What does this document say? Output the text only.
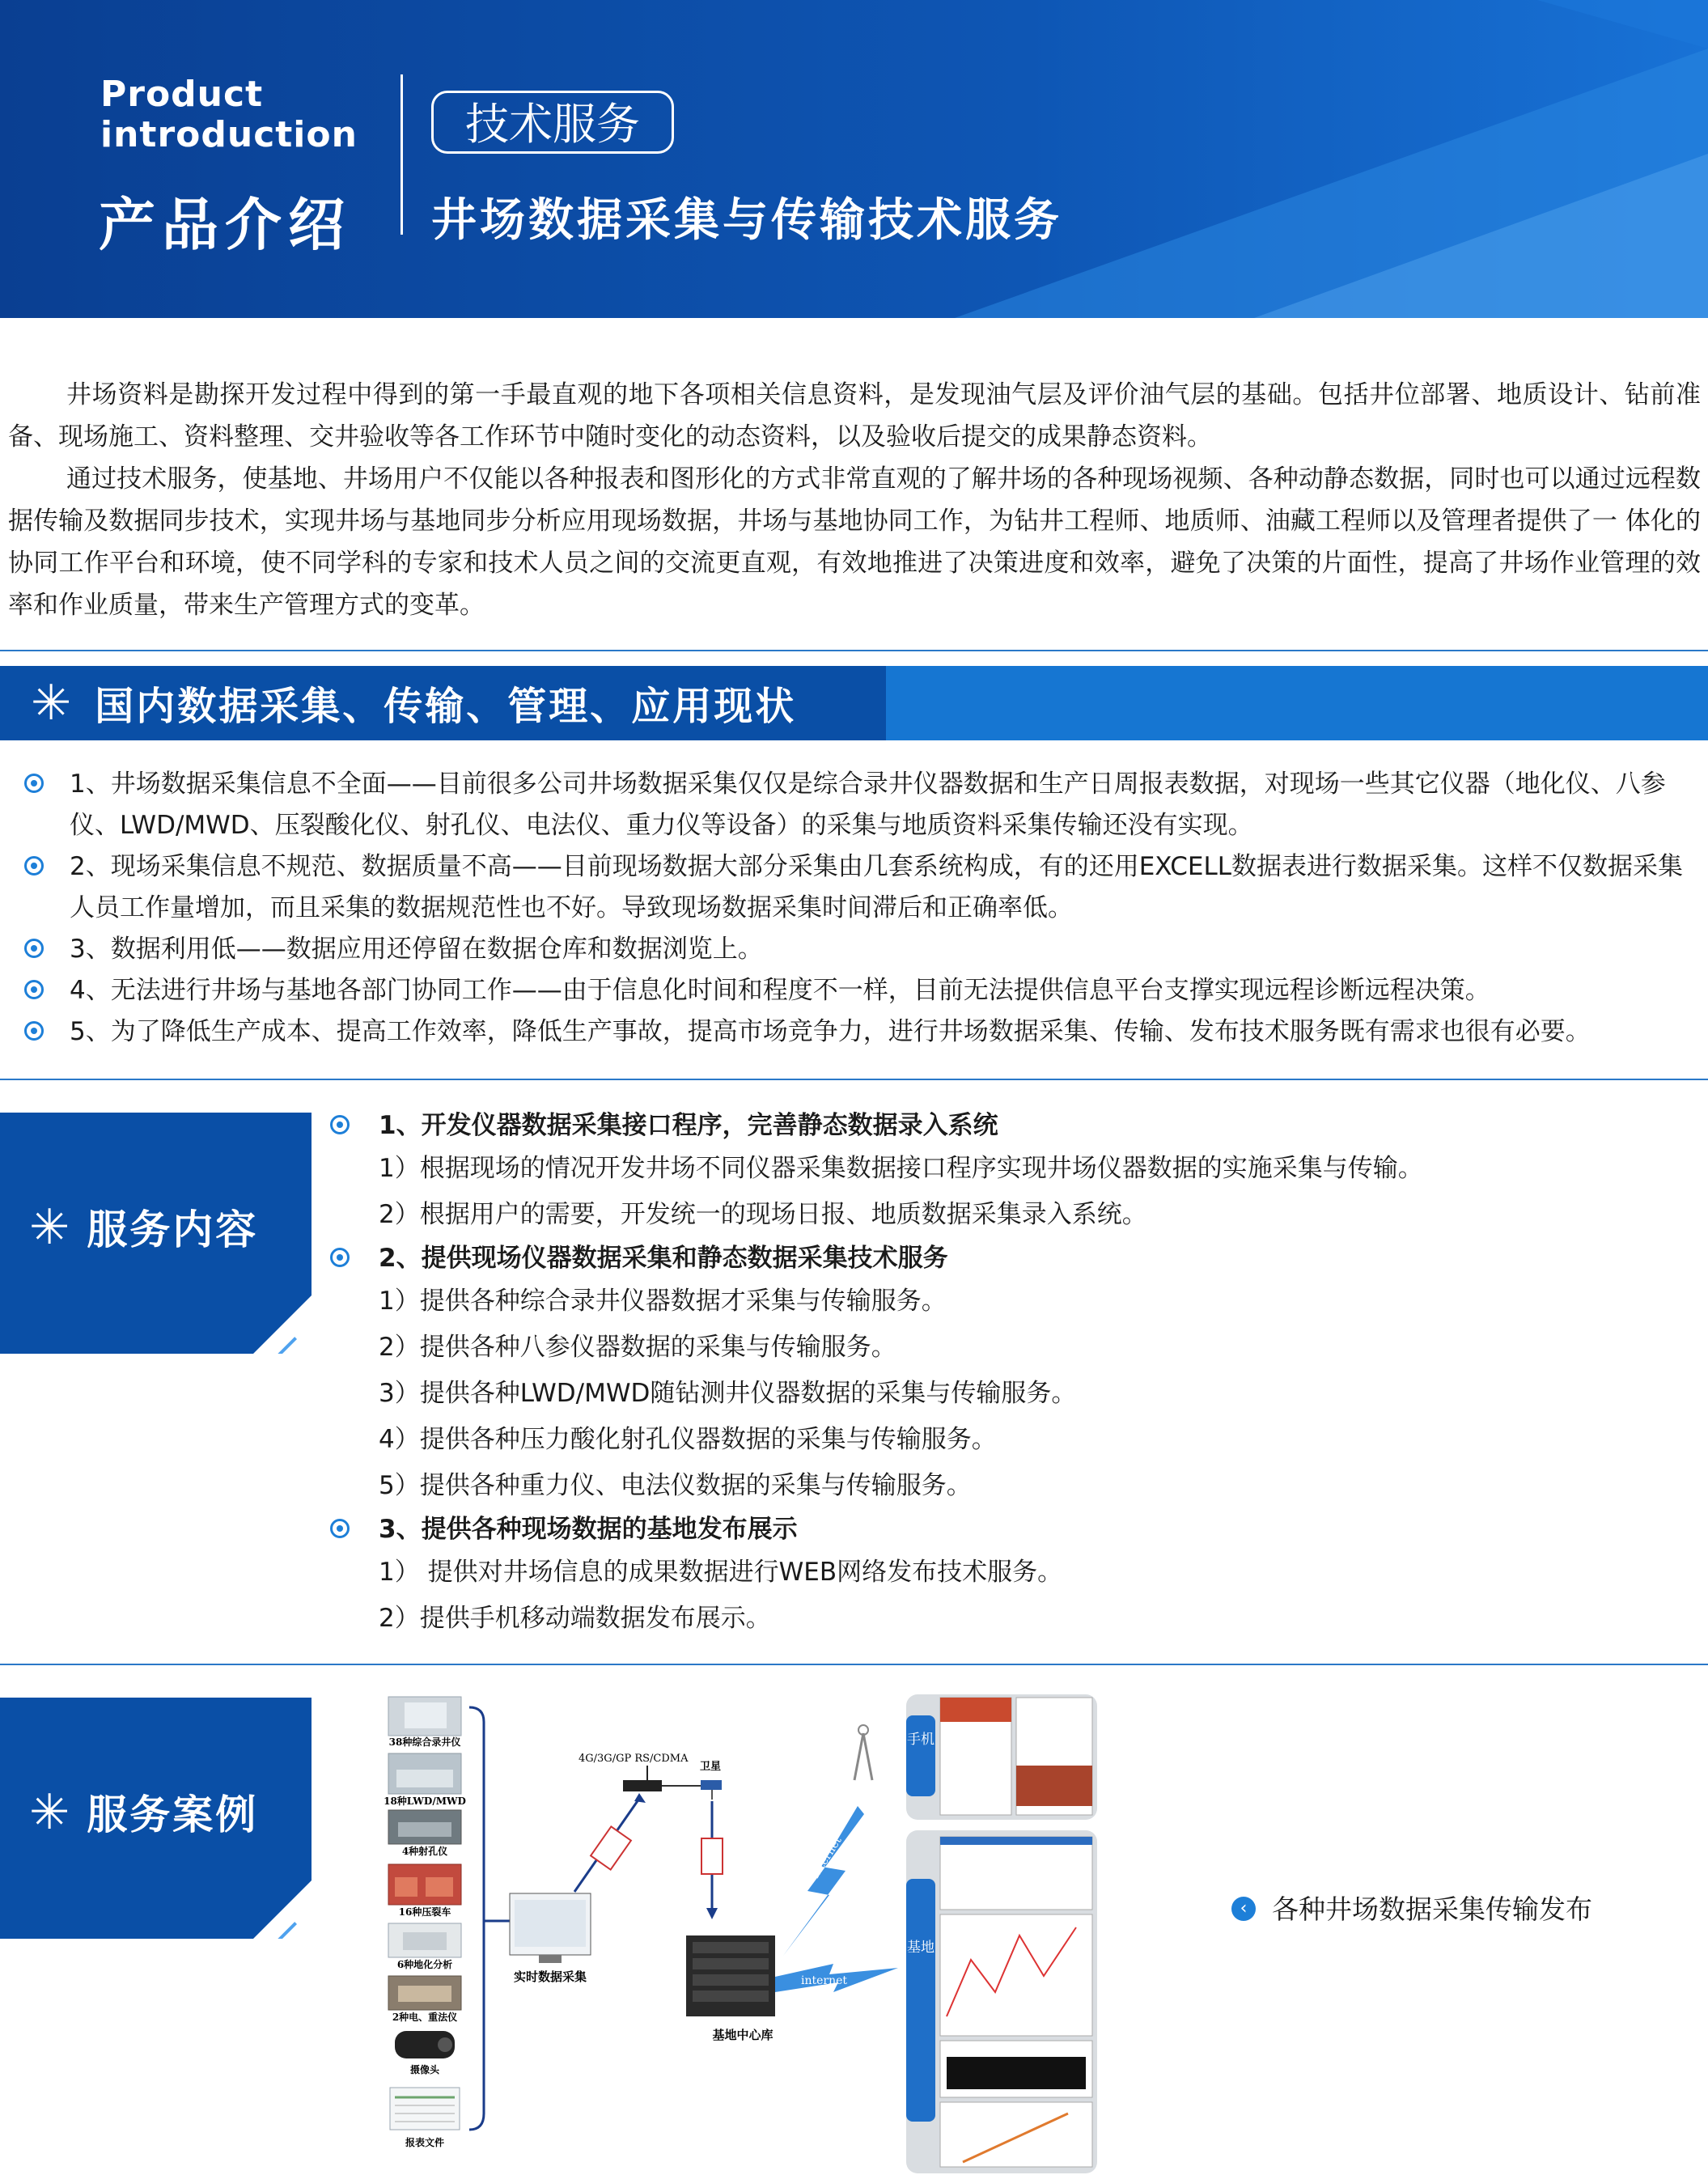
Product
introduction
产品介绍
技术服务
井场数据采集与传输技术服务

井场资料是勘探开发过程中得到的第一手最直观的地下各项相关信息资料，是发现油气层及评价油气层的基础。包括井位部署、地质设计、钻前准备、现场施工、资料整理、交井验收等各工作环节中随时变化的动态资料，以及验收后提交的成果静态资料。

通过技术服务，使基地、井场用户不仅能以各种报表和图形化的方式非常直观的了解井场的各种现场视频、各种动静态数据，同时也可以通过远程数据传输及数据同步技术，实现井场与基地同步分析应用现场数据，井场与基地协同工作，为钻井工程师、地质师、油藏工程师以及管理者提供了一 体化的协同工作平台和环境，使不同学科的专家和技术人员之间的交流更直观，有效地推进了决策进度和效率，避免了决策的片面性，提高了井场作业管理的效率和作业质量，带来生产管理方式的变革。

✳ 国内数据采集、传输、管理、应用现状
1、井场数据采集信息不全面——目前很多公司井场数据采集仅仅是综合录井仪器数据和生产日周报表数据，对现场一些其它仪器（地化仪、八参仪、LWD/MWD、压裂酸化仪、射孔仪、电法仪、重力仪等设备）的采集与地质资料采集传输还没有实现。
2、现场采集信息不规范、数据质量不高——目前现场数据大部分采集由几套系统构成，有的还用EXCELL数据表进行数据采集。这样不仅数据采集人员工作量增加，而且采集的数据规范性也不好。导致现场数据采集时间滞后和正确率低。
3、数据利用低——数据应用还停留在数据仓库和数据浏览上。
4、无法进行井场与基地各部门协同工作——由于信息化时间和程度不一样，目前无法提供信息平台支撑实现远程诊断远程决策。
5、为了降低生产成本、提高工作效率，降低生产事故，提高市场竞争力，进行井场数据采集、传输、发布技术服务既有需求也很有必要。
✳ 服务内容
1、开发仪器数据采集接口程序，完善静态数据录入系统
1）根据现场的情况开发井场不同仪器采集数据接口程序实现井场仪器数据的实施采集与传输。
2）根据用户的需要，开发统一的现场日报、地质数据采集录入系统。
2、提供现场仪器数据采集和静态数据采集技术服务
1）提供各种综合录井仪器数据才采集与传输服务。
2）提供各种八参仪器数据的采集与传输服务。
3）提供各种LWD/MWD随钻测井仪器数据的采集与传输服务。
4）提供各种压力酸化射孔仪器数据的采集与传输服务。
5）提供各种重力仪、电法仪数据的采集与传输服务。
3、提供各种现场数据的基地发布展示
1） 提供对井场信息的成果数据进行WEB网络发布技术服务。
2）提供手机移动端数据发布展示。
✳ 服务案例
38种综合录井仪
18种LWD/MWD
4种射孔仪
16种压裂车
6种地化分析
2种电、重法仪
摄像头
报表文件
实时数据采集
4G/3G/GP RS/CDMA
卫星
internet
internet
基地中心库
手机
基地
‹ 各种井场数据采集传输发布
